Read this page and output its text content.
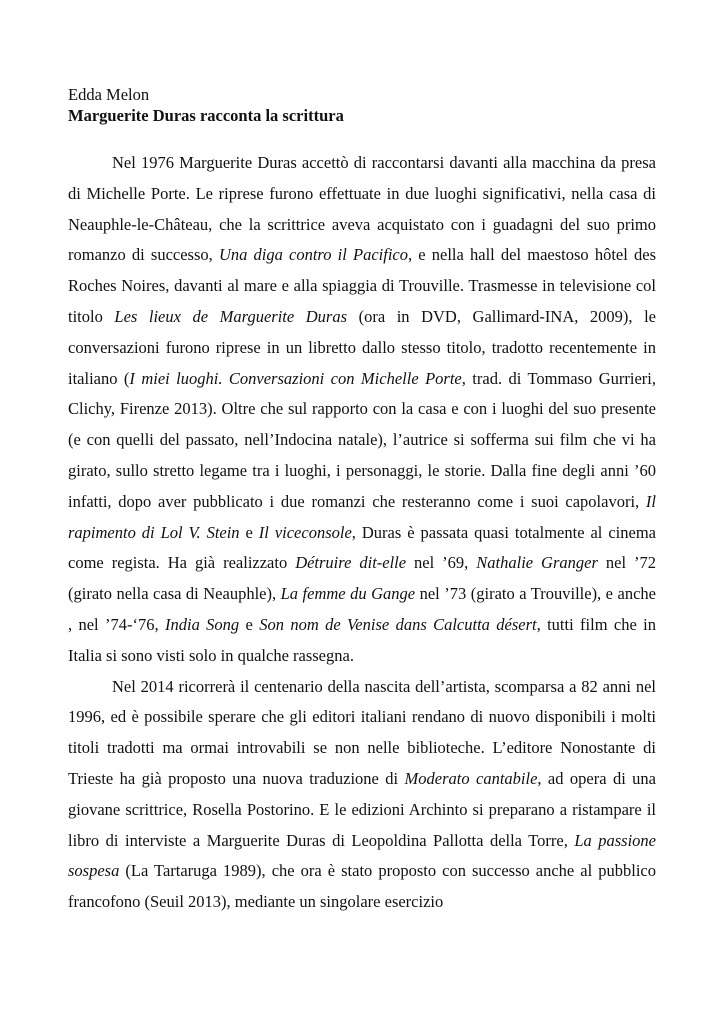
Edda Melon

Marguerite Duras racconta la scrittura

Nel 1976 Marguerite Duras accettò di raccontarsi davanti alla macchina da presa di Michelle Porte. Le riprese furono effettuate in due luoghi significativi, nella casa di Neauphle-le-Château, che la scrittrice aveva acquistato con i guadagni del suo primo romanzo di successo, Una diga contro il Pacifico, e nella hall del maestoso hôtel des Roches Noires, davanti al mare e alla spiaggia di Trouville. Trasmesse in televisione col titolo Les lieux de Marguerite Duras (ora in DVD, Gallimard-INA, 2009), le conversazioni furono riprese in un libretto dallo stesso titolo, tradotto recentemente in italiano (I miei luoghi. Conversazioni con Michelle Porte, trad. di Tommaso Gurrieri, Clichy, Firenze 2013). Oltre che sul rapporto con la casa e con i luoghi del suo presente (e con quelli del passato, nell’Indocina natale), l’autrice si sofferma sui film che vi ha girato, sullo stretto legame tra i luoghi, i personaggi, le storie. Dalla fine degli anni ’60 infatti, dopo aver pubblicato i due romanzi che resteranno come i suoi capolavori, Il rapimento di Lol V. Stein e Il viceconsole, Duras è passata quasi totalmente al cinema come regista. Ha già realizzato Détruire dit-elle nel ’69, Nathalie Granger nel ’72 (girato nella casa di Neauphle), La femme du Gange nel ’73 (girato a Trouville), e anche , nel ’74-‘76, India Song e Son nom de Venise dans Calcutta désert, tutti film che in Italia si sono visti solo in qualche rassegna.

Nel 2014 ricorrerà il centenario della nascita dell’artista, scomparsa a 82 anni nel 1996, ed è possibile sperare che gli editori italiani rendano di nuovo disponibili i molti titoli tradotti ma ormai introvabili se non nelle biblioteche. L’editore Nonostante di Trieste ha già proposto una nuova traduzione di Moderato cantabile, ad opera di una giovane scrittrice, Rosella Postorino. E le edizioni Archinto si preparano a ristampare il libro di interviste a Marguerite Duras di Leopoldina Pallotta della Torre, La passione sospesa (La Tartaruga 1989), che ora è stato proposto con successo anche al pubblico francofono (Seuil 2013), mediante un singolare esercizio
